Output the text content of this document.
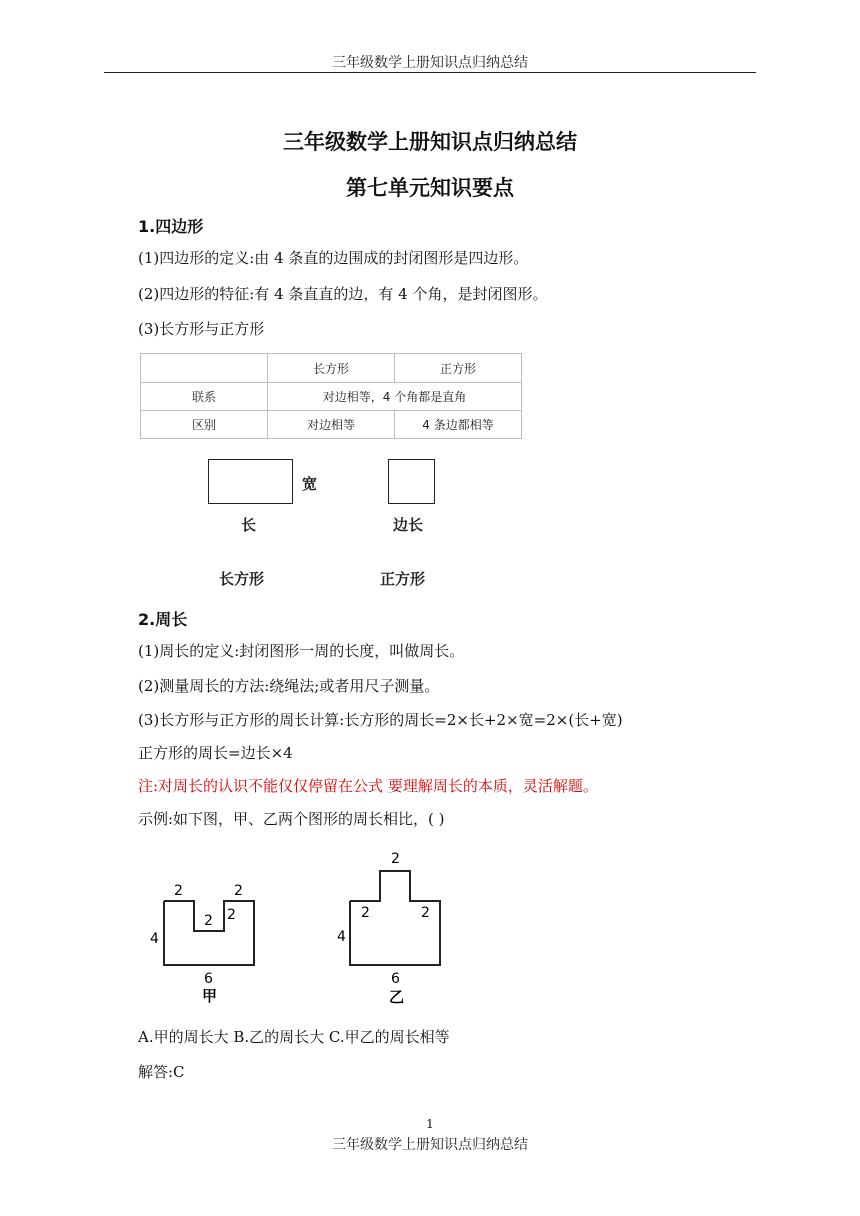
三年级数学上册知识点归纳总结
三年级数学上册知识点归纳总结
第七单元知识要点
1.四边形
(1)四边形的定义:由 4 条直的边围成的封闭图形是四边形。
(2)四边形的特征:有 4 条直直的边，有 4 个角，是封闭图形。
(3)长方形与正方形
	长方形	正方形
联系	对边相等，4 个角都是直角	
区别	对边相等	4 条边都相等
宽
长	边长
长方形	正方形
2.周长
(1)周长的定义:封闭图形一周的长度，叫做周长。
(2)测量周长的方法:绕绳法;或者用尺子测量。
(3)长方形与正方形的周长计算:长方形的周长=2×长+2×宽=2×(长+宽)
正方形的周长=边长×4
注:对周长的认识不能仅仅停留在公式 要理解周长的本质，灵活解题。
示例:如下图，甲、乙两个图形的周长相比，( )
2	2
2 2
4
6
甲
2
2	2
4
6
乙
A.甲的周长大 B.乙的周长大 C.甲乙的周长相等
解答:C
1
三年级数学上册知识点归纳总结
